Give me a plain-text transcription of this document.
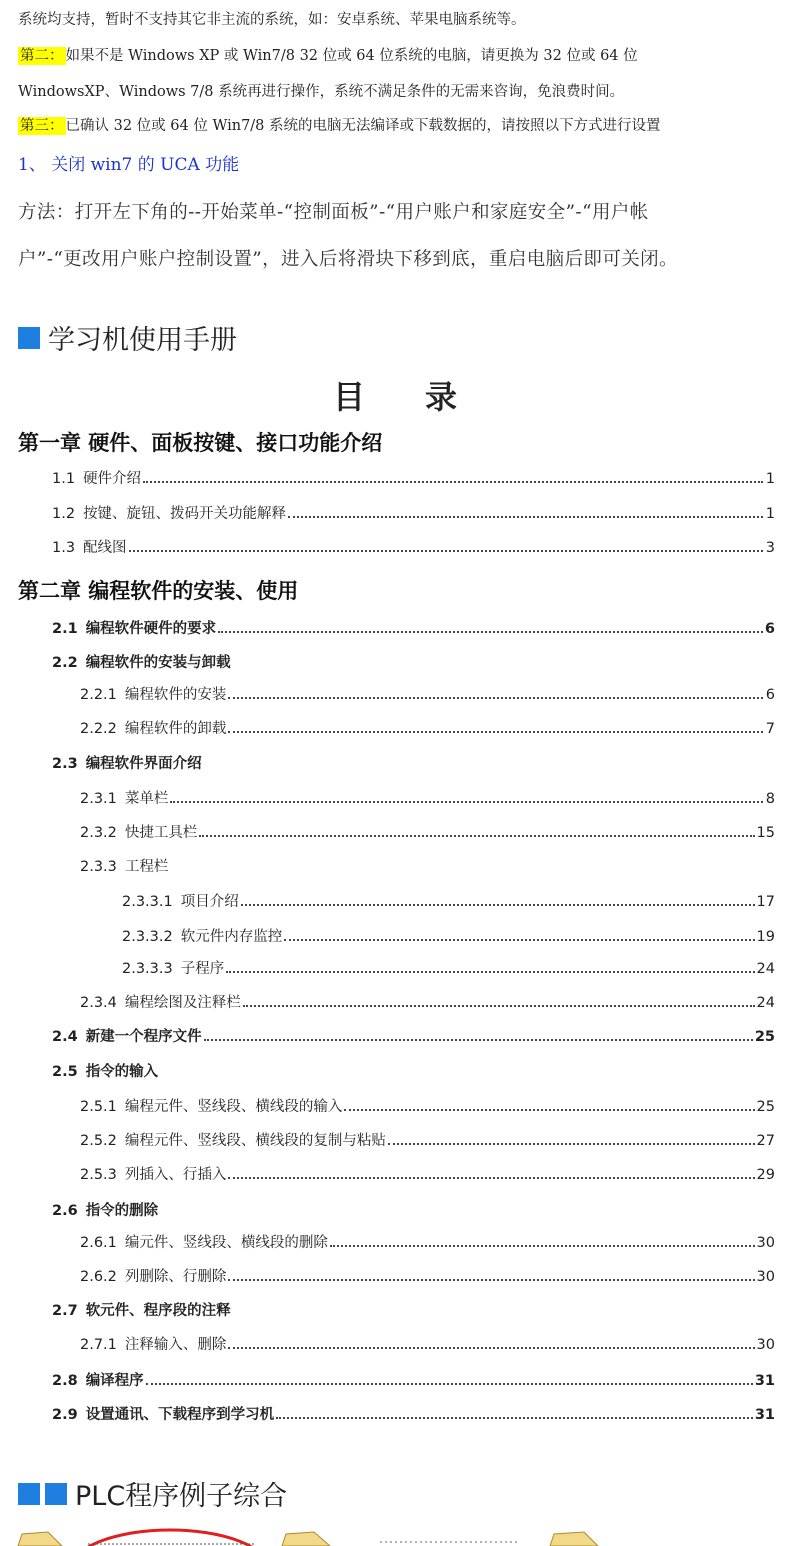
系统均支持，暂时不支持其它非主流的系统，如：安卓系统、苹果电脑系统等。
第二： 如果不是 Windows XP 或 Win7/8 32 位或 64 位系统的电脑，请更换为 32 位或 64 位
WindowsXP、Windows 7/8 系统再进行操作，系统不满足条件的无需来咨询，免浪费时间。
第三： 已确认 32 位或 64 位 Win7/8 系统的电脑无法编译或下载数据的，请按照以下方式进行设置
1、 关闭 win7 的 UCA 功能
方法：打开左下角的--开始菜单-“控制面板”-“用户账户和家庭安全”-“用户帐
户”-“更改用户账户控制设置”，进入后将滑块下移到底，重启电脑后即可关闭。
学习机使用手册
目录
第一章 硬件、面板按键、接口功能介绍
1.1 硬件介绍	1
1.2 按键、旋钮、拨码开关功能解释	1
1.3 配线图	3
2.1 编程软件硬件的要求	6
2.2 编程软件的安装与卸载
2.2.1 编程软件的安装	6
2.2.2 编程软件的卸载	7
2.3 编程软件界面介绍
2.3.1 菜单栏	8
2.3.2 快捷工具栏	15
2.3.3 工程栏
2.3.3.1 项目介绍	17
2.3.3.2 软元件内存监控	19
2.3.3.3 子程序	24
2.3.4 编程绘图及注释栏	24
2.4 新建一个程序文件	25
2.5 指令的输入
2.5.1 编程元件、竖线段、横线段的输入	25
2.5.2 编程元件、竖线段、横线段的复制与粘贴	27
2.5.3 列插入、行插入	29
2.6 指令的删除
2.6.1 编元件、竖线段、横线段的删除	30
2.6.2 列删除、行删除	30
2.7 软元件、程序段的注释
2.7.1 注释输入、删除	30
2.8 编译程序	31
2.9 设置通讯、下载程序到学习机	31
第二章 编程软件的安装、使用
PLC程序例子综合
